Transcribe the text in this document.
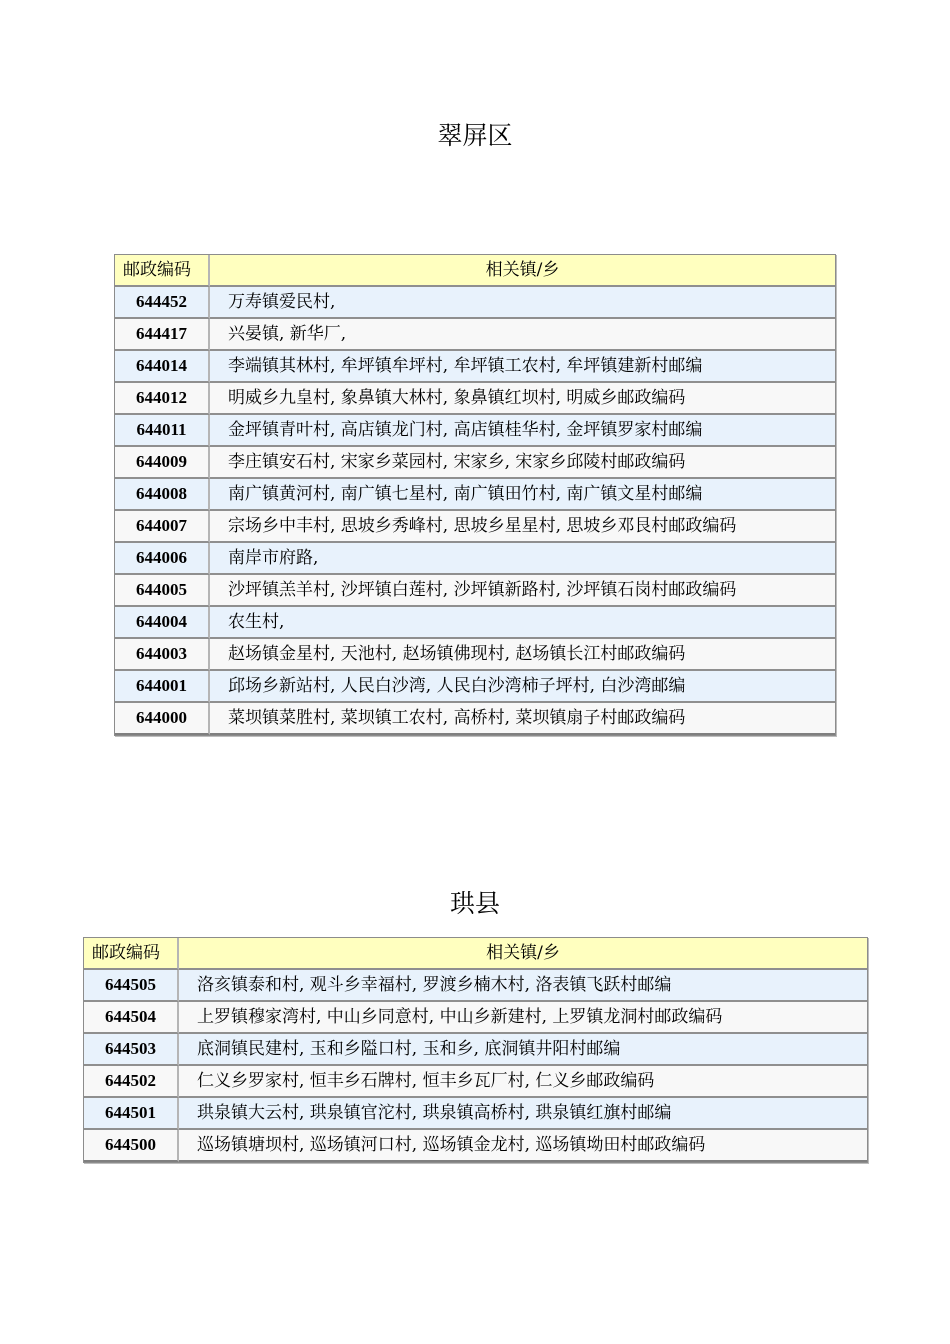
翠屏区
邮政编码	相关镇/乡
644452	万寿镇爱民村,
644417	兴晏镇, 新华厂,
644014	李端镇其林村, 牟坪镇牟坪村, 牟坪镇工农村, 牟坪镇建新村邮编
644012	明威乡九皇村, 象鼻镇大林村, 象鼻镇红坝村, 明威乡邮政编码
644011	金坪镇青叶村, 高店镇龙门村, 高店镇桂华村, 金坪镇罗家村邮编
644009	李庄镇安石村, 宋家乡菜园村, 宋家乡, 宋家乡邱陵村邮政编码
644008	南广镇黄河村, 南广镇七星村, 南广镇田竹村, 南广镇文星村邮编
644007	宗场乡中丰村, 思坡乡秀峰村, 思坡乡星星村, 思坡乡邓艮村邮政编码
644006	南岸市府路,
644005	沙坪镇羔羊村, 沙坪镇白莲村, 沙坪镇新路村, 沙坪镇石岗村邮政编码
644004	农生村,
644003	赵场镇金星村, 天池村, 赵场镇佛现村, 赵场镇长江村邮政编码
644001	邱场乡新站村, 人民白沙湾, 人民白沙湾柿子坪村, 白沙湾邮编
644000	菜坝镇菜胜村, 菜坝镇工农村, 高桥村, 菜坝镇扇子村邮政编码
珙县
邮政编码	相关镇/乡
644505	洛亥镇泰和村, 观斗乡幸福村, 罗渡乡楠木村, 洛表镇飞跃村邮编
644504	上罗镇穆家湾村, 中山乡同意村, 中山乡新建村, 上罗镇龙洞村邮政编码
644503	底洞镇民建村, 玉和乡隘口村, 玉和乡, 底洞镇井阳村邮编
644502	仁义乡罗家村, 恒丰乡石牌村, 恒丰乡瓦厂村, 仁义乡邮政编码
644501	珙泉镇大云村, 珙泉镇官沱村, 珙泉镇高桥村, 珙泉镇红旗村邮编
644500	巡场镇塘坝村, 巡场镇河口村, 巡场镇金龙村, 巡场镇坳田村邮政编码
